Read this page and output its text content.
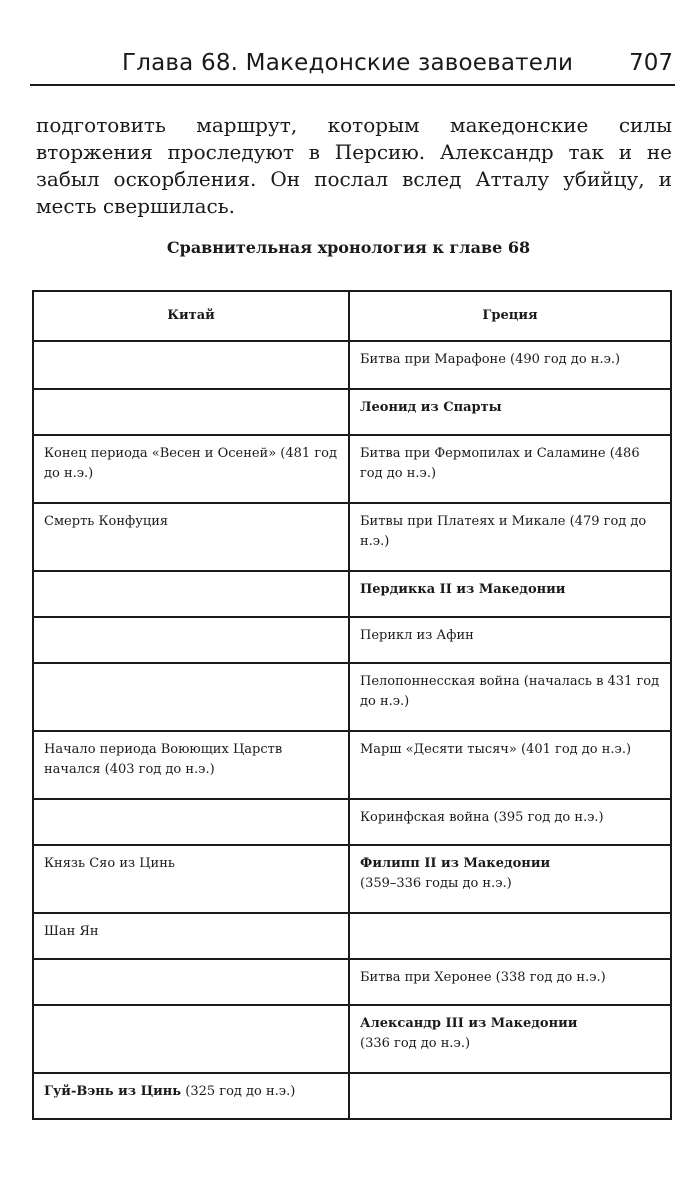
Глава 68. Македонские завоеватели 707

подготовить маршрут, которым македонские силы вторжения проследуют в Персию. Александр так и не забыл оскорбления. Он послал вслед Атталу убийцу, и месть свершилась.

Сравнительная хронология к главе 68
Китай	Греция

	Битва при Марафоне (490 год до н.э.)

	Леонид из Спарты

Конец периода «Весен и Осеней» (481 год до н.э.)	Битва при Фермопилах и Саламине (486 год до н.э.)

Смерть Конфуция	Битвы при Платеях и Микале (479 год до н.э.)

	Пердикка II из Македонии

	Перикл из Афин

	Пелопоннесская война (началась в 431 год до н.э.)

Начало периода Воюющих Царств начался (403 год до н.э.)	Марш «Десяти тысяч» (401 год до н.э.)

	Коринфская война (395 год до н.э.)

Князь Сяо из Цинь	Филипп II из Македонии
(359–336 годы до н.э.)

Шан Ян	

	Битва при Херонее (338 год до н.э.)

	Александр III из Македонии
(336 год до н.э.)

Гуй-Вэнь из Цинь (325 год до н.э.)	
